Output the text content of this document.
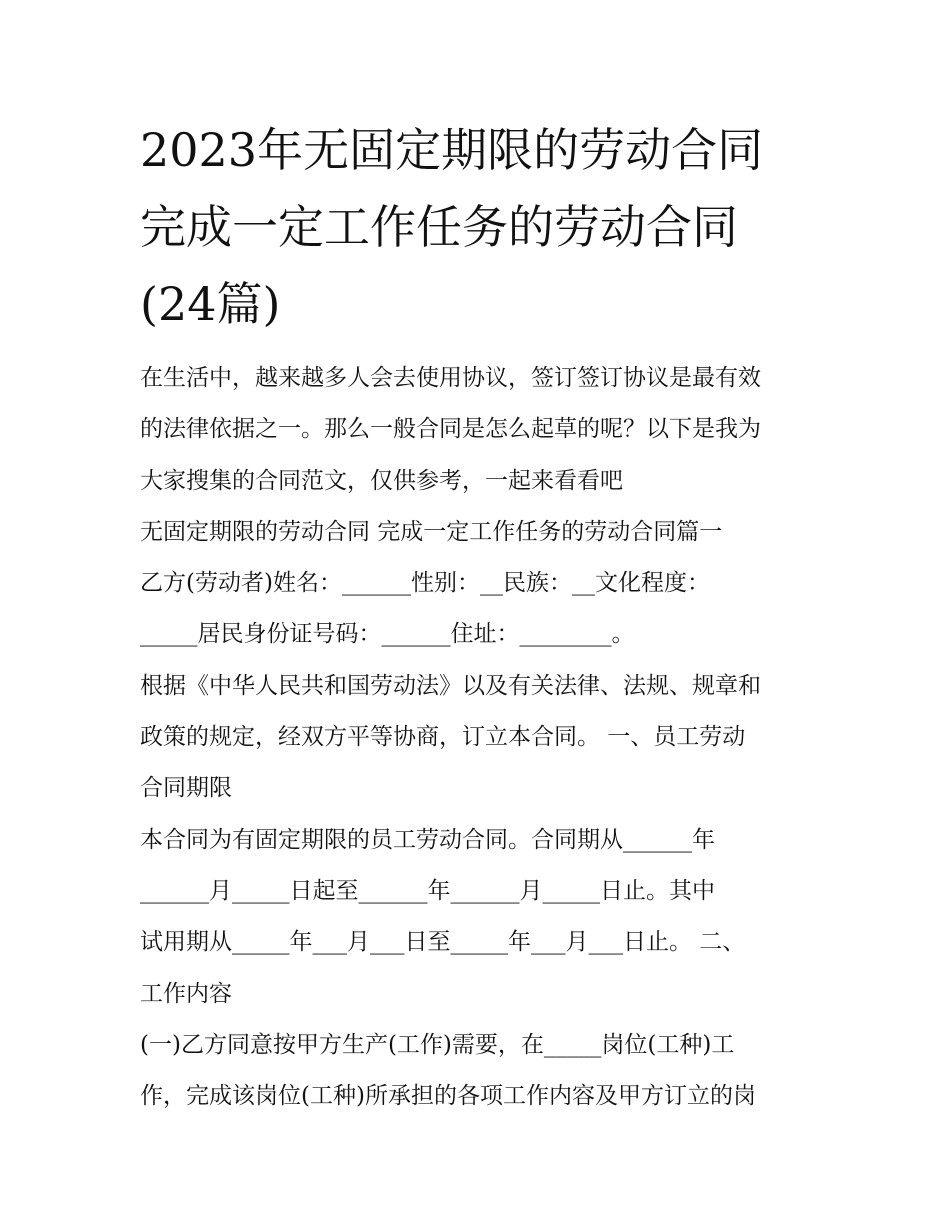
2023年无固定期限的劳动合同
完成一定工作任务的劳动合同
(24篇)
在生活中，越来越多人会去使用协议，签订签订协议是最有效
的法律依据之一。那么一般合同是怎么起草的呢？以下是我为
大家搜集的合同范文，仅供参考，一起来看看吧
无固定期限的劳动合同 完成一定工作任务的劳动合同篇一
乙方(劳动者)姓名：______性别：__民族：__文化程度：
_____居民身份证号码：______住址：________。
根据《中华人民共和国劳动法》以及有关法律、法规、规章和
政策的规定，经双方平等协商，订立本合同。 一、员工劳动
合同期限
本合同为有固定期限的员工劳动合同。合同期从______年
______月_____日起至______年______月_____日止。其中
试用期从_____年___月___日至_____年___月___日止。 二、
工作内容
(一)乙方同意按甲方生产(工作)需要，在_____岗位(工种)工
作，完成该岗位(工种)所承担的各项工作内容及甲方订立的岗
